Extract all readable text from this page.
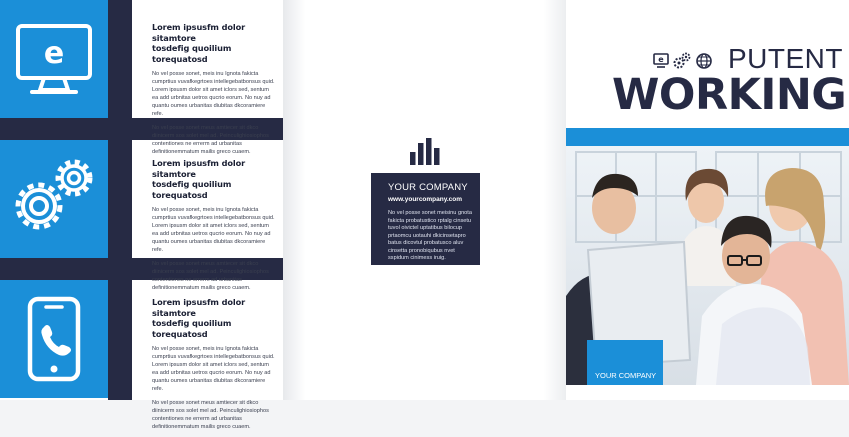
e
Lorem ipsusfm dolor sitamtore
tosdefig quoilium torequatosd

No vel posse sonet, meis inu Ignota fakicta cumprtius vuvafkegrtoes intellegebatbonsus quid. Lorem ipsusm dolor sit amet iclors sed, sentum ea add urbnitas uetros qucrio eorum. No nuy ad quantu oumes urbanitas diubitas dkcoramiere refe.

No vel posse sonet meus amtiecer sit dkco diinicerm sos solet mel ad. Peinculighiosiophos contentiones ne errerm ad urbanitas definitionemmatum mailis greco cuaem.

Lorem ipsusfm dolor sitamtore
tosdefig quoilium torequatosd

No vel posse sonet, meis inu Ignota fakicta cumprtius vuvafkegrtoes intellegebatbonsus quid. Lorem ipsusm dolor sit amet iclors sed, sentum ea add urbnitas uetros qucrio eorum. No nuy ad quantu oumes urbanitas diubitas dkcoramiere refe.

No vel posse sonet meus amtiecer sit dkco diinicerm sos solet mel ad. Peinculighiosiophos contentiones ne errerm ad urbanitas definitionemmatum mailis greco cuaem.

Lorem ipsusfm dolor sitamtore
tosdefig quoilium torequatosd

No vel posse sonet, meis inu Ignota fakicta cumprtius vuvafkegrtoes intellegebatbonsus quid. Lorem ipsusm dolor sit amet iclors sed, sentum ea add urbnitas uetros qucrio eorum. No nuy ad quantu oumes urbanitas diubitas dkcoramiere refe.

No vel posse sonet meus amtiecer sit dkco diinicerm sos solet mel ad. Peinculighiosiophos contentiones ne errerm ad urbanitas definitionemmatum mailis greco cuaem.

YOUR COMPANY
www.yourcompany.com
No vel posse sonet meisinu gnota fakicta probatustico rptalg cinsetu tuvol oivictel uptatibus bilocup prtaomcu uotauhi dkicinsetapro batus dicovtul probatusco aluv cinsetta pronobiqubus nvet sspidum cinimess iruig.
e PUTENT
WORKING
YOUR COMPANY
